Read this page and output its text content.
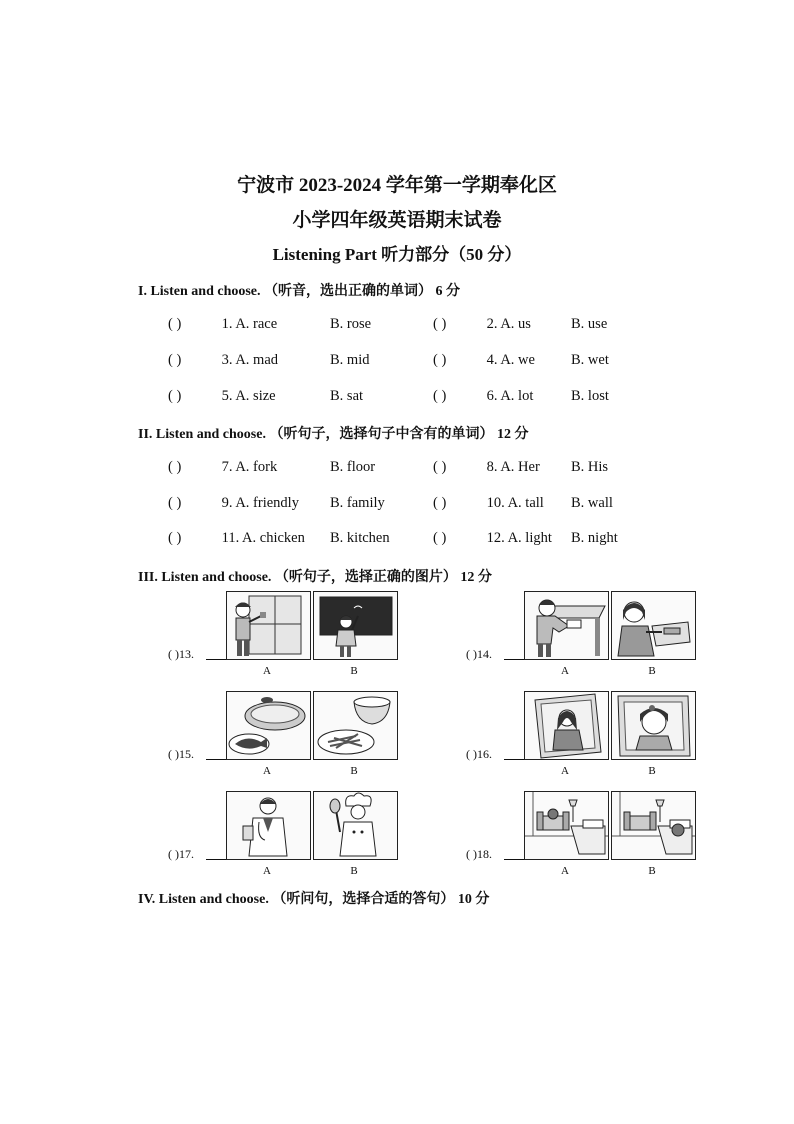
宁波市 2023-2024 学年第一学期奉化区
小学四年级英语期末试卷
Listening Part 听力部分（50 分）
I. Listen and choose. （听音，选出正确的单词） 6 分
( )	1. A. race	B. rose	( )	2. A. us	B. use
( )	3. A. mad	B. mid	( )	4. A. we B. wet
( )	5. A. size	B. sat	( )	6. A. lot	B. lost
II. Listen and choose. （听句子，选择句子中含有的单词） 12 分
( )	7. A. fork	B. floor	( )	8. A. Her B. His
( )	9. A. friendly B. family	( )	10. A. tall B. wall
( )	11. A. chicken B. kitchen	( )	12. A. light B. night
III. Listen and choose. （听句子，选择正确的图片） 12 分
( )13.
A	B
( )14.
A	B
( )15.
A	B
( )16.
A	B
( )17.
A	B
( )18.
A	B
IV. Listen and choose. （听问句，选择合适的答句） 10 分
